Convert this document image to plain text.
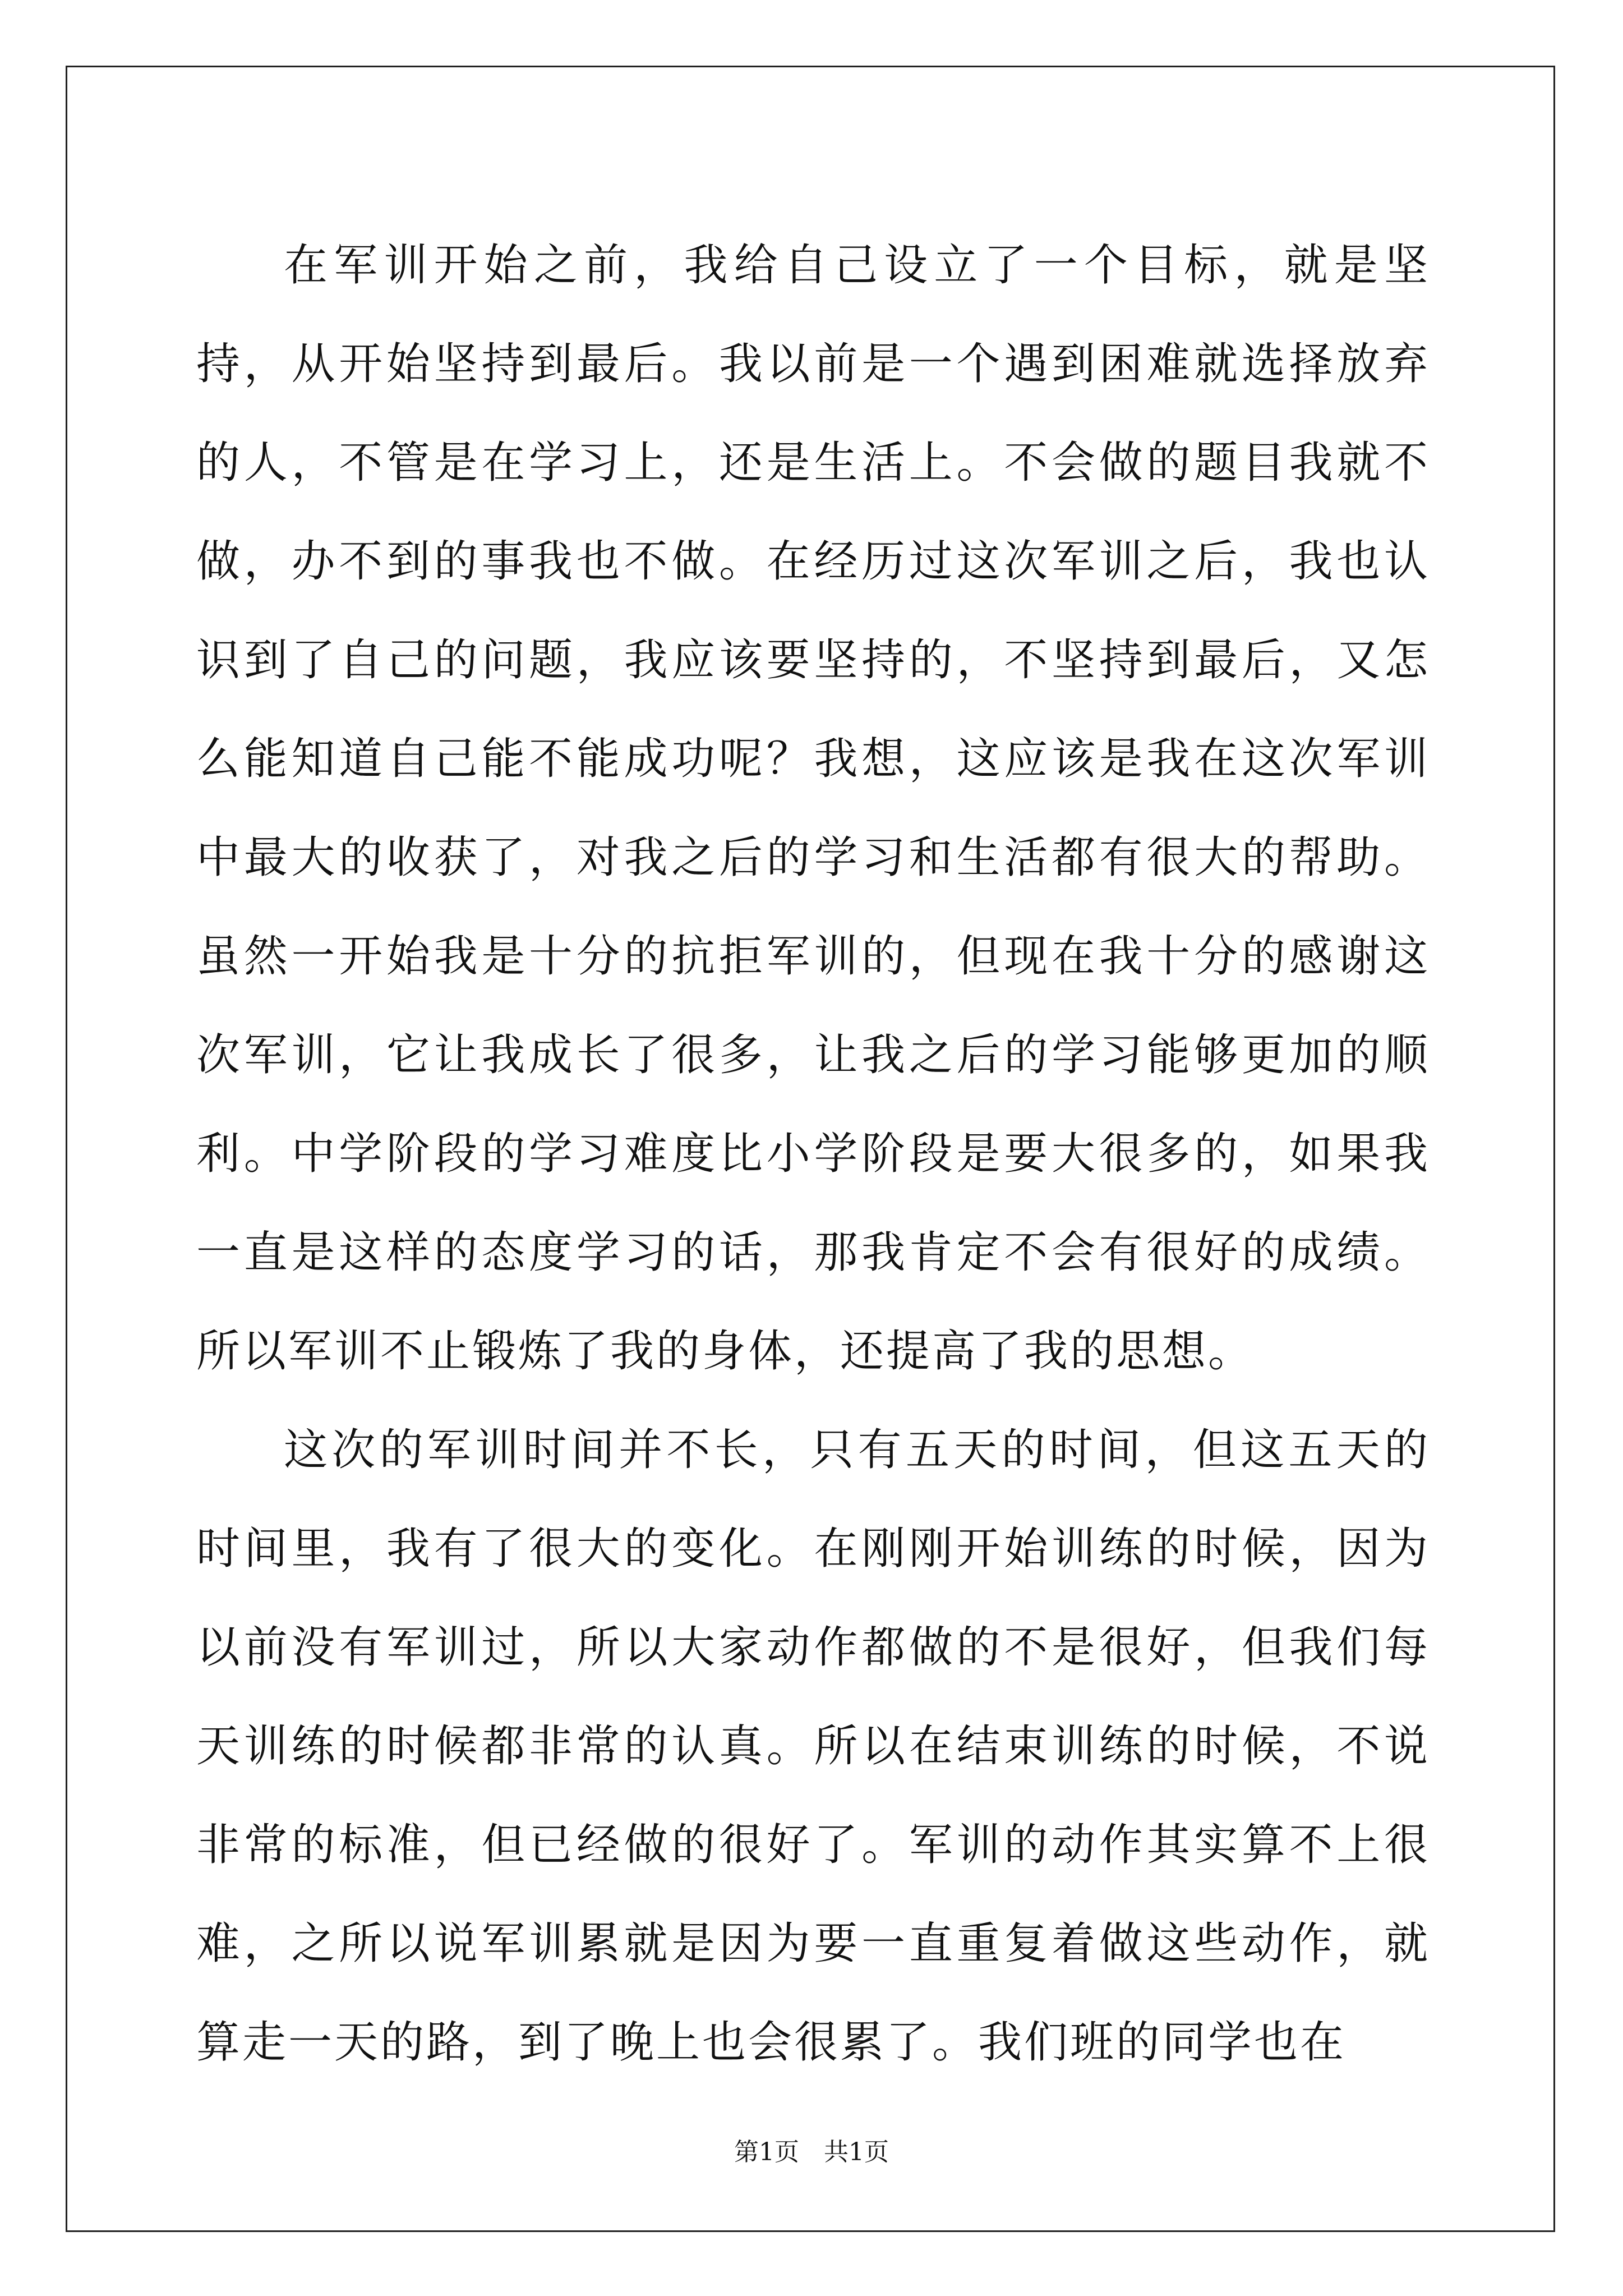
在军训开始之前，我给自己设立了一个目标，就是坚持，从开始坚持到最后。我以前是一个遇到困难就选择放弃的人，不管是在学习上，还是生活上。不会做的题目我就不做，办不到的事我也不做。在经历过这次军训之后，我也认识到了自己的问题，我应该要坚持的，不坚持到最后，又怎么能知道自己能不能成功呢？我想，这应该是我在这次军训中最大的收获了，对我之后的学习和生活都有很大的帮助。虽然一开始我是十分的抗拒军训的，但现在我十分的感谢这次军训，它让我成长了很多，让我之后的学习能够更加的顺利。中学阶段的学习难度比小学阶段是要大很多的，如果我一直是这样的态度学习的话，那我肯定不会有很好的成绩。所以军训不止锻炼了我的身体，还提高了我的思想。

这次的军训时间并不长，只有五天的时间，但这五天的时间里，我有了很大的变化。在刚刚开始训练的时候，因为以前没有军训过，所以大家动作都做的不是很好，但我们每天训练的时候都非常的认真。所以在结束训练的时候，不说非常的标准，但已经做的很好了。军训的动作其实算不上很难，之所以说军训累就是因为要一直重复着做这些动作，就算走一天的路，到了晚上也会很累了。我们班的同学也在

第1页 共1页
